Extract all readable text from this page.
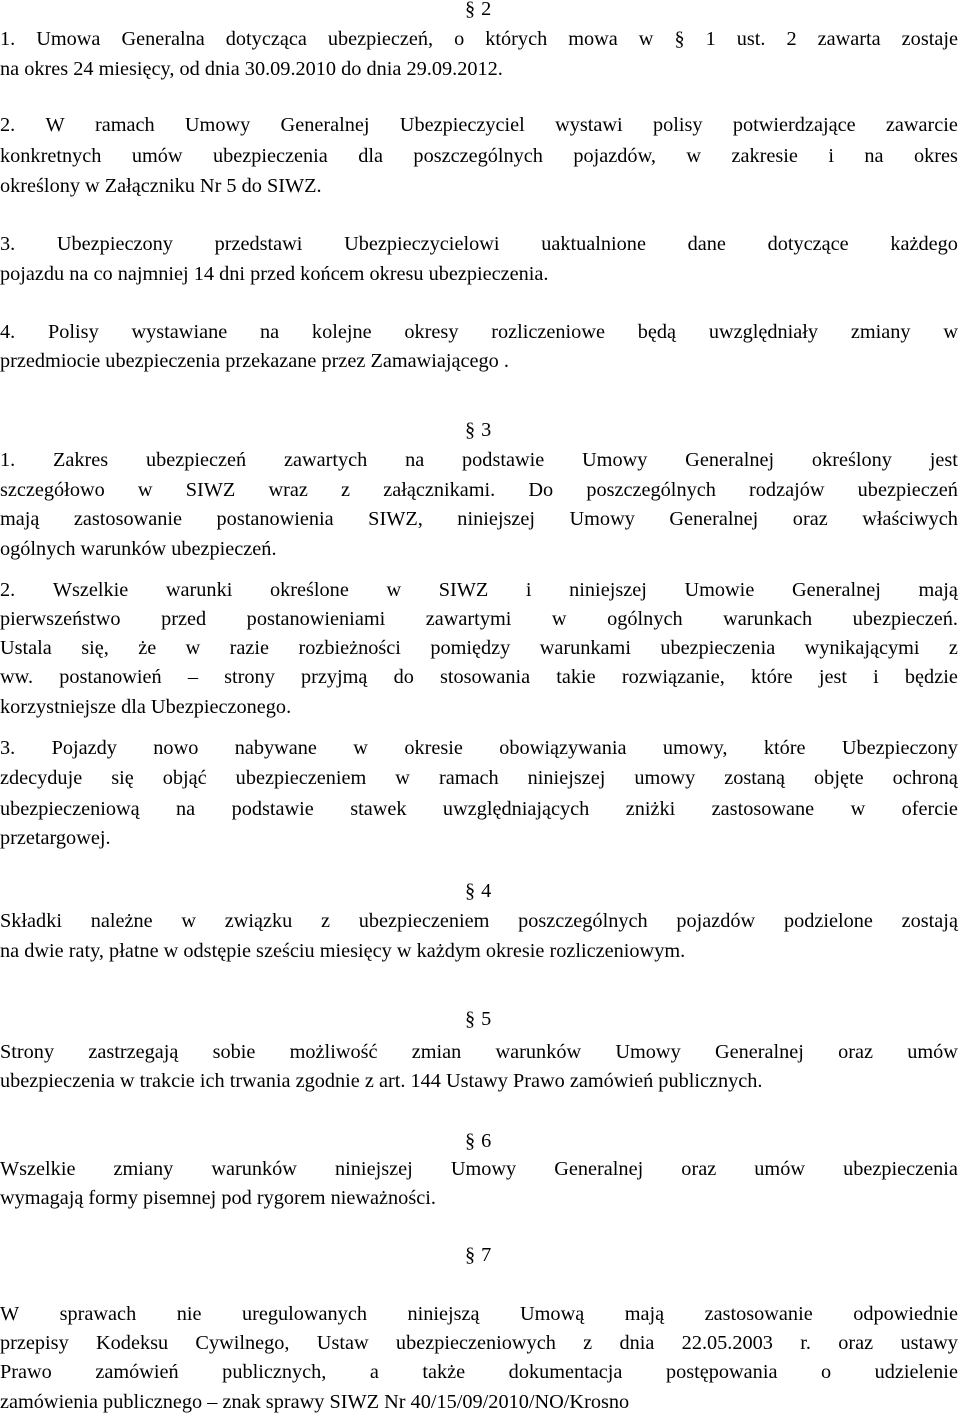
§ 2
§ 3
§ 4
§ 5
§ 6
§ 7
1. Umowa Generalna dotycząca ubezpieczeń, o których mowa w § 1 ust. 2 zawarta zostaje
na okres 24 miesięcy, od dnia 30.09.2010 do dnia 29.09.2012.
2. W ramach Umowy Generalnej Ubezpieczyciel wystawi polisy potwierdzające zawarcie
konkretnych umów ubezpieczenia dla poszczególnych pojazdów, w zakresie i na okres
określony w Załączniku Nr 5 do SIWZ.
3. Ubezpieczony przedstawi Ubezpieczycielowi uaktualnione dane dotyczące każdego
pojazdu na co najmniej 14 dni przed końcem okresu ubezpieczenia.
4. Polisy wystawiane na kolejne okresy rozliczeniowe będą uwzględniały zmiany w
przedmiocie ubezpieczenia przekazane przez Zamawiającego .
1. Zakres ubezpieczeń zawartych na podstawie Umowy Generalnej określony jest
szczegółowo w SIWZ wraz z załącznikami. Do poszczególnych rodzajów ubezpieczeń
mają zastosowanie postanowienia SIWZ, niniejszej Umowy Generalnej oraz właściwych
ogólnych warunków ubezpieczeń.
2. Wszelkie warunki określone w SIWZ i niniejszej Umowie Generalnej mają
pierwszeństwo przed postanowieniami zawartymi w ogólnych warunkach ubezpieczeń.
Ustala się, że w razie rozbieżności pomiędzy warunkami ubezpieczenia wynikającymi z
ww. postanowień – strony przyjmą do stosowania takie rozwiązanie, które jest i będzie
korzystniejsze dla Ubezpieczonego.
3. Pojazdy nowo nabywane w okresie obowiązywania umowy, które Ubezpieczony
zdecyduje się objąć ubezpieczeniem w ramach niniejszej umowy zostaną objęte ochroną
ubezpieczeniową na podstawie stawek uwzględniających zniżki zastosowane w ofercie
przetargowej.
Składki należne w związku z ubezpieczeniem poszczególnych pojazdów podzielone zostają
na dwie raty, płatne w odstępie sześciu miesięcy w każdym okresie rozliczeniowym.
Strony zastrzegają sobie możliwość zmian warunków Umowy Generalnej oraz umów
ubezpieczenia w trakcie ich trwania zgodnie z art. 144 Ustawy Prawo zamówień publicznych.
Wszelkie zmiany warunków niniejszej Umowy Generalnej oraz umów ubezpieczenia
wymagają formy pisemnej pod rygorem nieważności.
W sprawach nie uregulowanych niniejszą Umową mają zastosowanie odpowiednie
przepisy Kodeksu Cywilnego, Ustaw ubezpieczeniowych z dnia 22.05.2003 r. oraz ustawy
Prawo zamówień publicznych, a także dokumentacja postępowania o udzielenie
zamówienia publicznego – znak sprawy SIWZ Nr 40/15/09/2010/NO/Krosno
